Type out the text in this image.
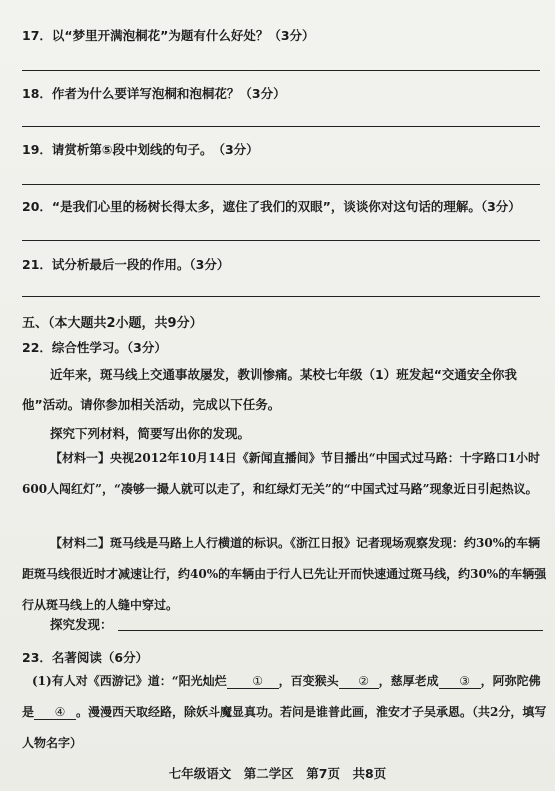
17．以“梦里开满泡桐花”为题有什么好处？（3分）
18．作者为什么要详写泡桐和泡桐花？（3分）
19．请赏析第⑤段中划线的句子。　（3分）
20．“是我们心里的杨树长得太多，遮住了我们的双眼”，谈谈你对这句话的理解。（3分）
21．试分析最后一段的作用。（3分）
五、（本大题共2小题，共9分）
22．综合性学习。（3分）
近年来，斑马线上交通事故屡发，教训惨痛。某校七年级（1）班发起“交通安全你我他”活动。请你参加相关活动，完成以下任务。
探究下列材料，简要写出你的发现。
【材料一】央视2012年10月14日《新闻直播间》节目播出“中国式过马路：十字路口1小时600人闯红灯”，“凑够一撮人就可以走了，和红绿灯无关”的“中国式过马路”现象近日引起热议。
【材料二】斑马线是马路上人行横道的标识。《浙江日报》记者现场观察发现：约30%的车辆距斑马线很近时才减速让行，约40%的车辆由于行人已先让开而快速通过斑马线，约30%的车辆强行从斑马线上的人缝中穿过。
探究发现：
23．名著阅读（6分）
(1)有人对《西游记》道：“阳光灿烂 ① ，百变猴头 ② ，慈厚老成 ③ ，阿弥陀佛是 ④ 。漫漫西天取经路，除妖斗魔显真功。若问是谁普此画，淮安才子吴承恩。（共2分，填写人物名字）
七年级语文　第二学区　第7页　共8页
